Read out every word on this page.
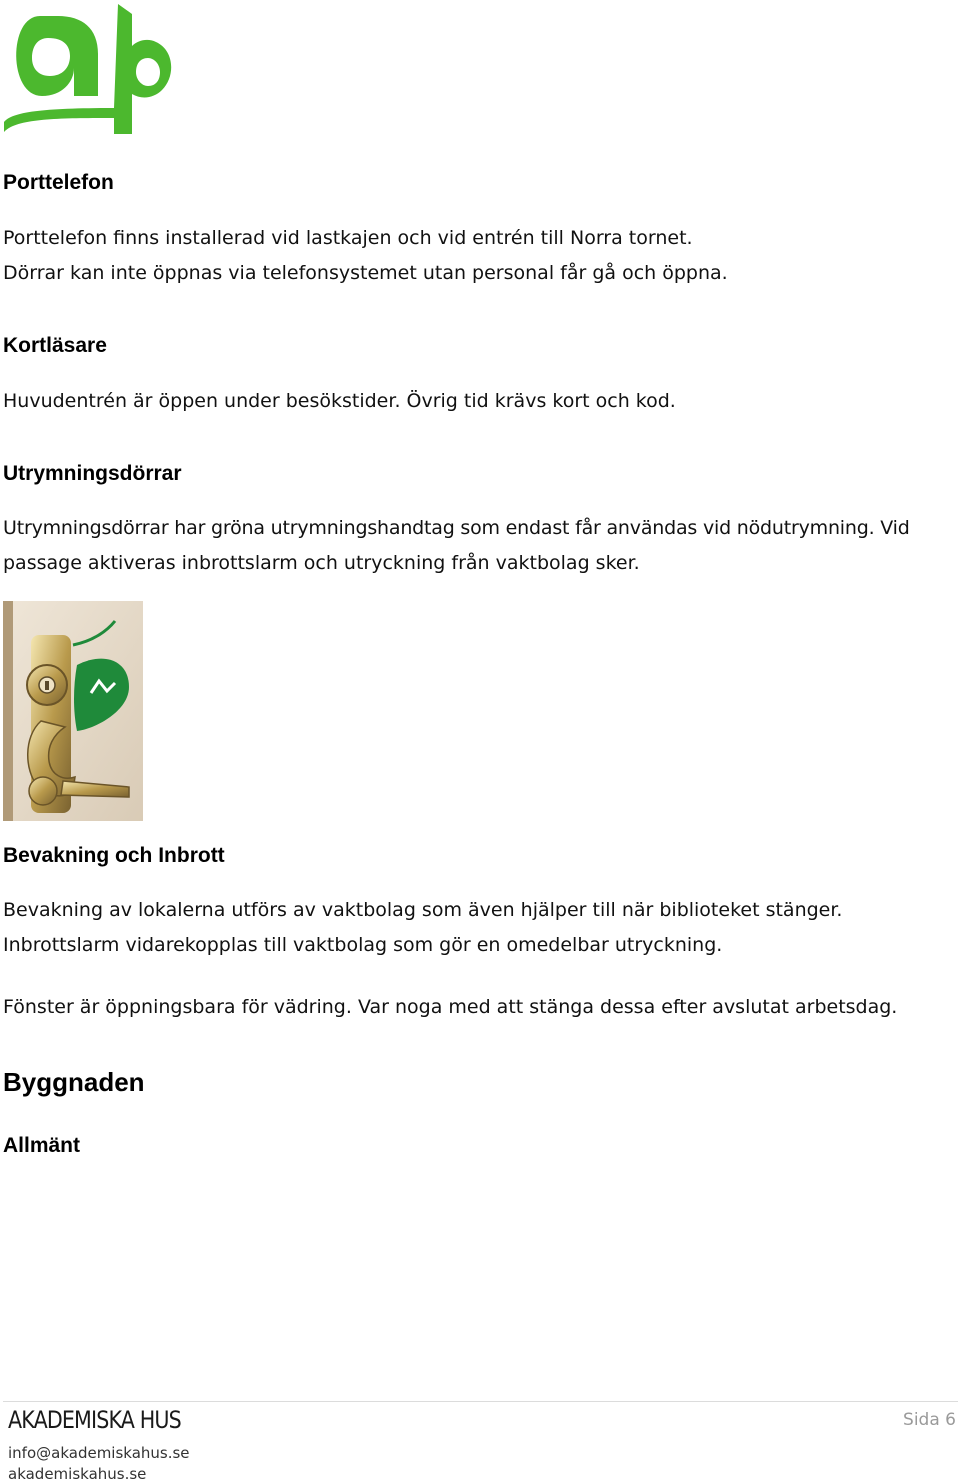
Porttelefon
Porttelefon finns installerad vid lastkajen och vid entrén till Norra tornet.
Dörrar kan inte öppnas via telefonsystemet utan personal får gå och öppna.
Kortläsare
Huvudentrén är öppen under besökstider. Övrig tid krävs kort och kod.
Utrymningsdörrar
Utrymningsdörrar har gröna utrymningshandtag som endast får användas vid nödutrymning. Vid
passage aktiveras inbrottslarm och utryckning från vaktbolag sker.
Bevakning och Inbrott
Bevakning av lokalerna utförs av vaktbolag som även hjälper till när biblioteket stänger.
Inbrottslarm vidarekopplas till vaktbolag som gör en omedelbar utryckning.
Fönster är öppningsbara för vädring. Var noga med att stänga dessa efter avslutat arbetsdag.
Byggnaden
Allmänt
AKADEMISKA HUS
info@akademiskahus.se
akademiskahus.se
Sida 6
